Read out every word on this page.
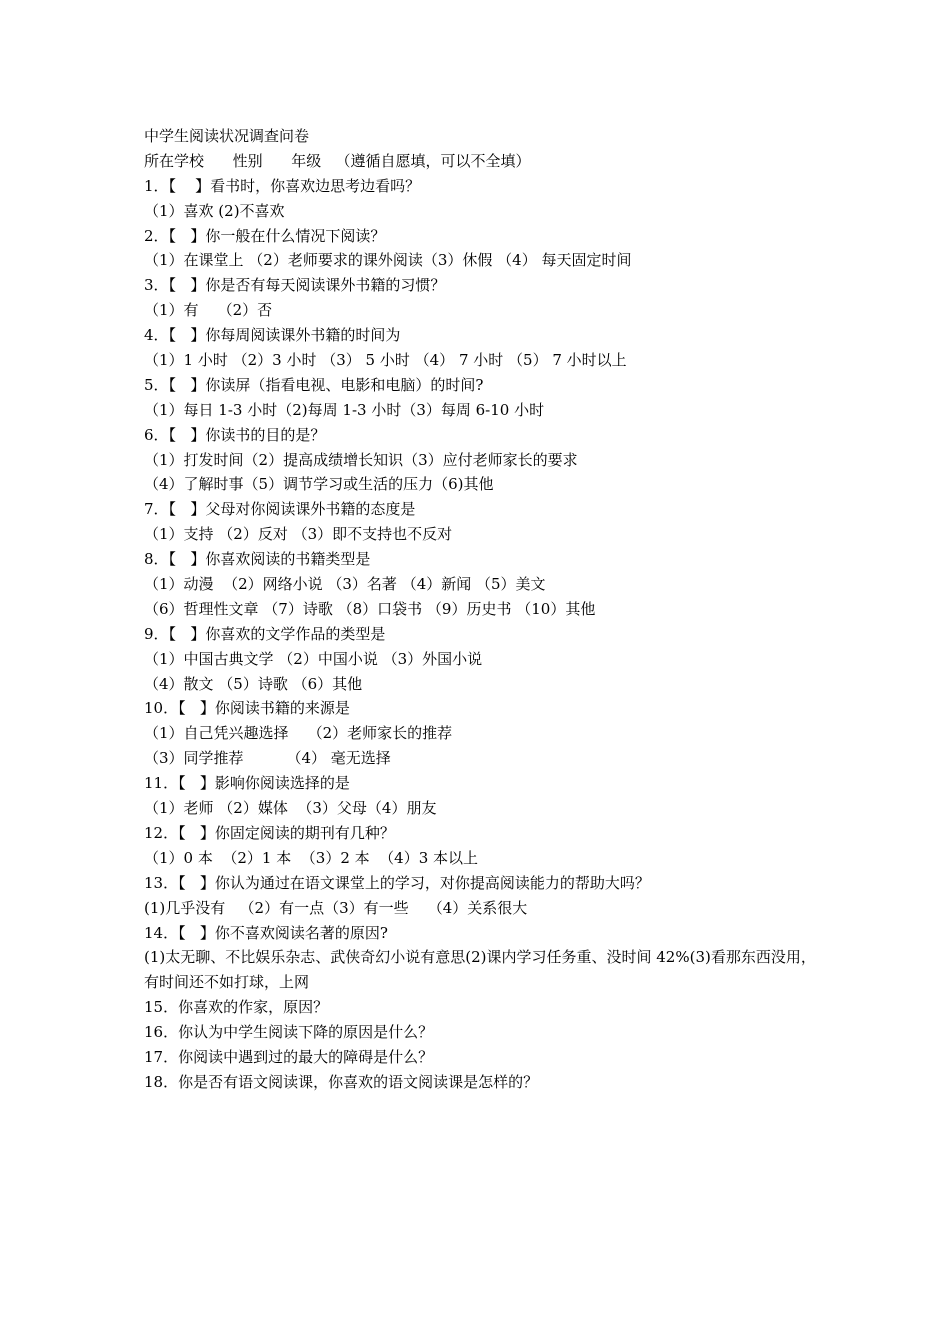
中学生阅读状况调查问卷

所在学校      性别      年级   （遵循自愿填，可以不全填）

1．【    】看书时，你喜欢边思考边看吗？

（1）喜欢 (2)不喜欢

2．【   】你一般在什么情况下阅读？

（1）在课堂上 （2）老师要求的课外阅读（3）休假 （4） 每天固定时间

3．【   】你是否有每天阅读课外书籍的习惯？

（1）有    （2）否

4．【   】你每周阅读课外书籍的时间为

（1）1 小时 （2）3 小时 （3） 5 小时 （4） 7 小时 （5） 7 小时以上

5．【   】你读屏（指看电视、电影和电脑）的时间?

（1）每日 1-3 小时（2)每周 1-3 小时（3）每周 6-10 小时

6．【   】你读书的目的是？

（1）打发时间（2）提高成绩增长知识（3）应付老师家长的要求

（4）了解时事（5）调节学习或生活的压力（6)其他

7．【   】父母对你阅读课外书籍的态度是

（1）支持 （2）反对 （3）即不支持也不反对

8．【   】你喜欢阅读的书籍类型是

（1）动漫  （2）网络小说 （3）名著 （4）新闻 （5）美文

（6）哲理性文章 （7）诗歌 （8）口袋书 （9）历史书 （10）其他

9．【   】你喜欢的文学作品的类型是

（1）中国古典文学 （2）中国小说 （3）外国小说

（4）散文 （5）诗歌 （6）其他

10．【   】你阅读书籍的来源是

（1）自己凭兴趣选择    （2）老师家长的推荐

（3）同学推荐         （4） 毫无选择

11．【   】影响你阅读选择的是

（1）老师 （2）媒体  （3）父母（4）朋友

12．【   】你固定阅读的期刊有几种？

（1）0 本  （2）1 本  （3）2 本  （4）3 本以上

13．【   】你认为通过在语文课堂上的学习，对你提高阅读能力的帮助大吗？

(1)几乎没有   （2）有一点（3）有一些    （4）关系很大

14．【   】你不喜欢阅读名著的原因?

(1)太无聊、不比娱乐杂志、武侠奇幻小说有意思(2)课内学习任务重、没时间 42%(3)看那东西没用，有时间还不如打球，上网

15．你喜欢的作家，原因？

16．你认为中学生阅读下降的原因是什么？

17．你阅读中遇到过的最大的障碍是什么？

18．你是否有语文阅读课，你喜欢的语文阅读课是怎样的？
